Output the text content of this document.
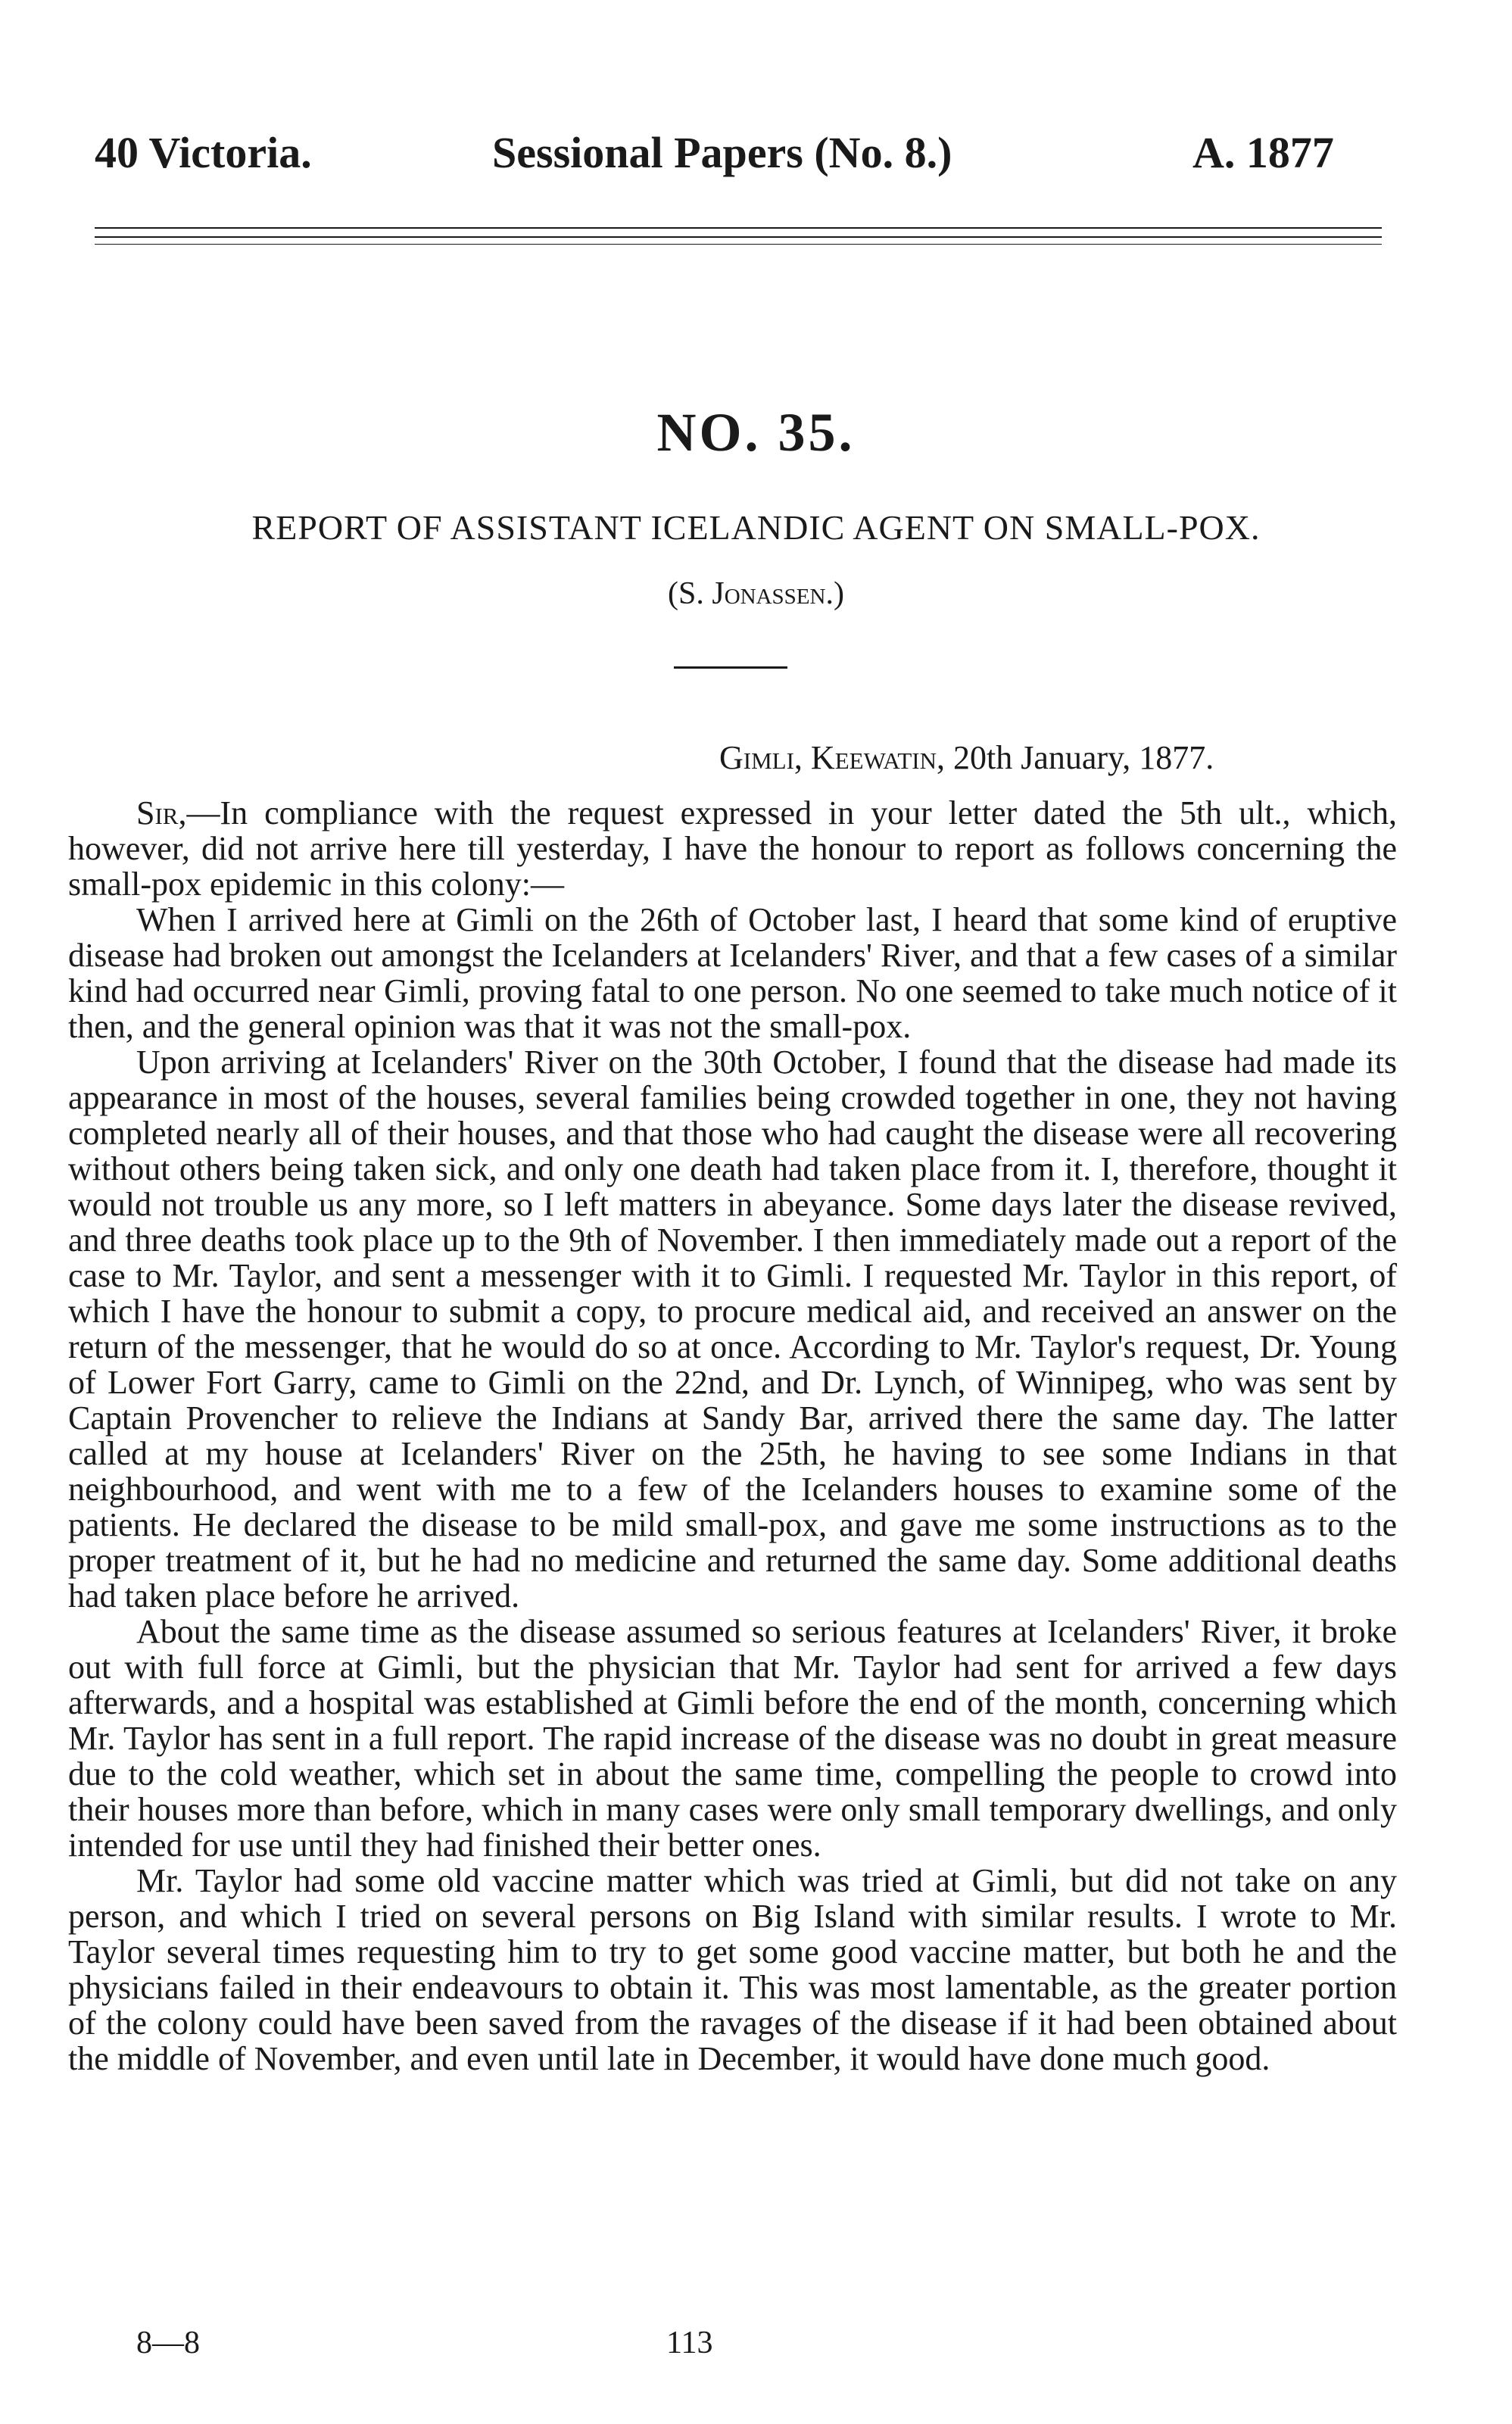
40 Victoria.	Sessional Papers (No. 8.)	A. 1877
NO. 35.
REPORT OF ASSISTANT ICELANDIC AGENT ON SMALL-POX.
(S. Jonassen.)
Gimli, Keewatin, 20th January, 1877.

Sir,—In compliance with the request expressed in your letter dated the 5th ult., which, however, did not arrive here till yesterday, I have the honour to report as follows concerning the small-pox epidemic in this colony:—

When I arrived here at Gimli on the 26th of October last, I heard that some kind of eruptive disease had broken out amongst the Icelanders at Icelanders' River, and that a few cases of a similar kind had occurred near Gimli, proving fatal to one person. No one seemed to take much notice of it then, and the general opinion was that it was not the small-pox.

Upon arriving at Icelanders' River on the 30th October, I found that the disease had made its appearance in most of the houses, several families being crowded together in one, they not having completed nearly all of their houses, and that those who had caught the disease were all recovering without others being taken sick, and only one death had taken place from it. I, therefore, thought it would not trouble us any more, so I left matters in abeyance. Some days later the disease revived, and three deaths took place up to the 9th of November. I then immediately made out a report of the case to Mr. Taylor, and sent a messenger with it to Gimli. I requested Mr. Taylor in this report, of which I have the honour to submit a copy, to procure medical aid, and received an answer on the return of the messenger, that he would do so at once. According to Mr. Taylor's request, Dr. Young of Lower Fort Garry, came to Gimli on the 22nd, and Dr. Lynch, of Winnipeg, who was sent by Captain Provencher to relieve the Indians at Sandy Bar, arrived there the same day. The latter called at my house at Icelanders' River on the 25th, he having to see some Indians in that neighbourhood, and went with me to a few of the Icelanders houses to examine some of the patients. He declared the disease to be mild small-pox, and gave me some instructions as to the proper treatment of it, but he had no medicine and returned the same day. Some additional deaths had taken place before he arrived.

About the same time as the disease assumed so serious features at Icelanders' River, it broke out with full force at Gimli, but the physician that Mr. Taylor had sent for arrived a few days afterwards, and a hospital was established at Gimli before the end of the month, concerning which Mr. Taylor has sent in a full report. The rapid increase of the disease was no doubt in great measure due to the cold weather, which set in about the same time, compelling the people to crowd into their houses more than before, which in many cases were only small temporary dwellings, and only intended for use until they had finished their better ones.

Mr. Taylor had some old vaccine matter which was tried at Gimli, but did not take on any person, and which I tried on several persons on Big Island with similar results. I wrote to Mr. Taylor several times requesting him to try to get some good vaccine matter, but both he and the physicians failed in their endeavours to obtain it. This was most lamentable, as the greater portion of the colony could have been saved from the ravages of the disease if it had been obtained about the middle of November, and even until late in December, it would have done much good.

8—8	113
